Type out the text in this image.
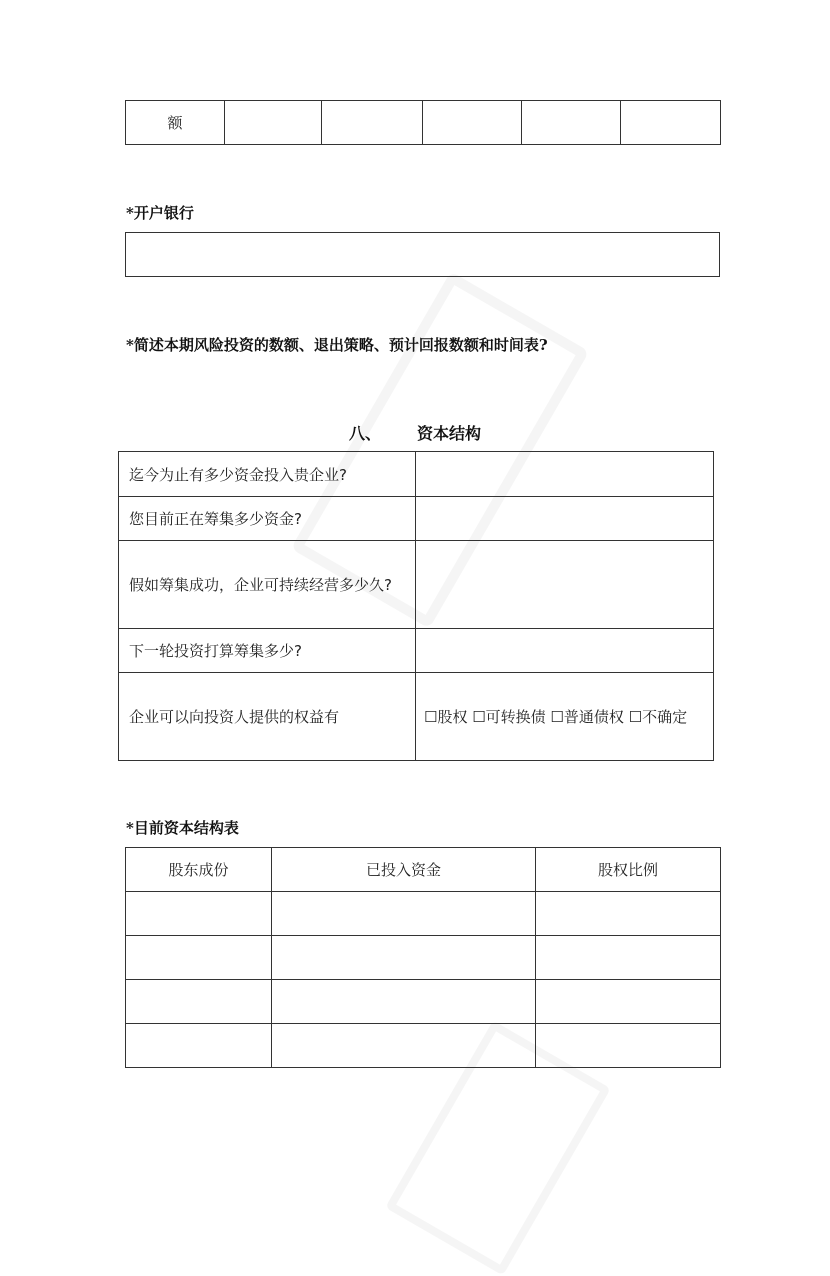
额					

*开户银行

*简述本期风险投资的数额、退出策略、预计回报数额和时间表?

八、 资本结构
迄今为止有多少资金投入贵企业?	
您目前正在筹集多少资金?	

假如筹集成功，企业可持续经营多少久?	

下一轮投资打算筹集多少?	
企业可以向投资人提供的权益有	☐股权 ☐可转换债 ☐普通债权 ☐不确定

*目前资本结构表

股东成份	已投入资金	股权比例
